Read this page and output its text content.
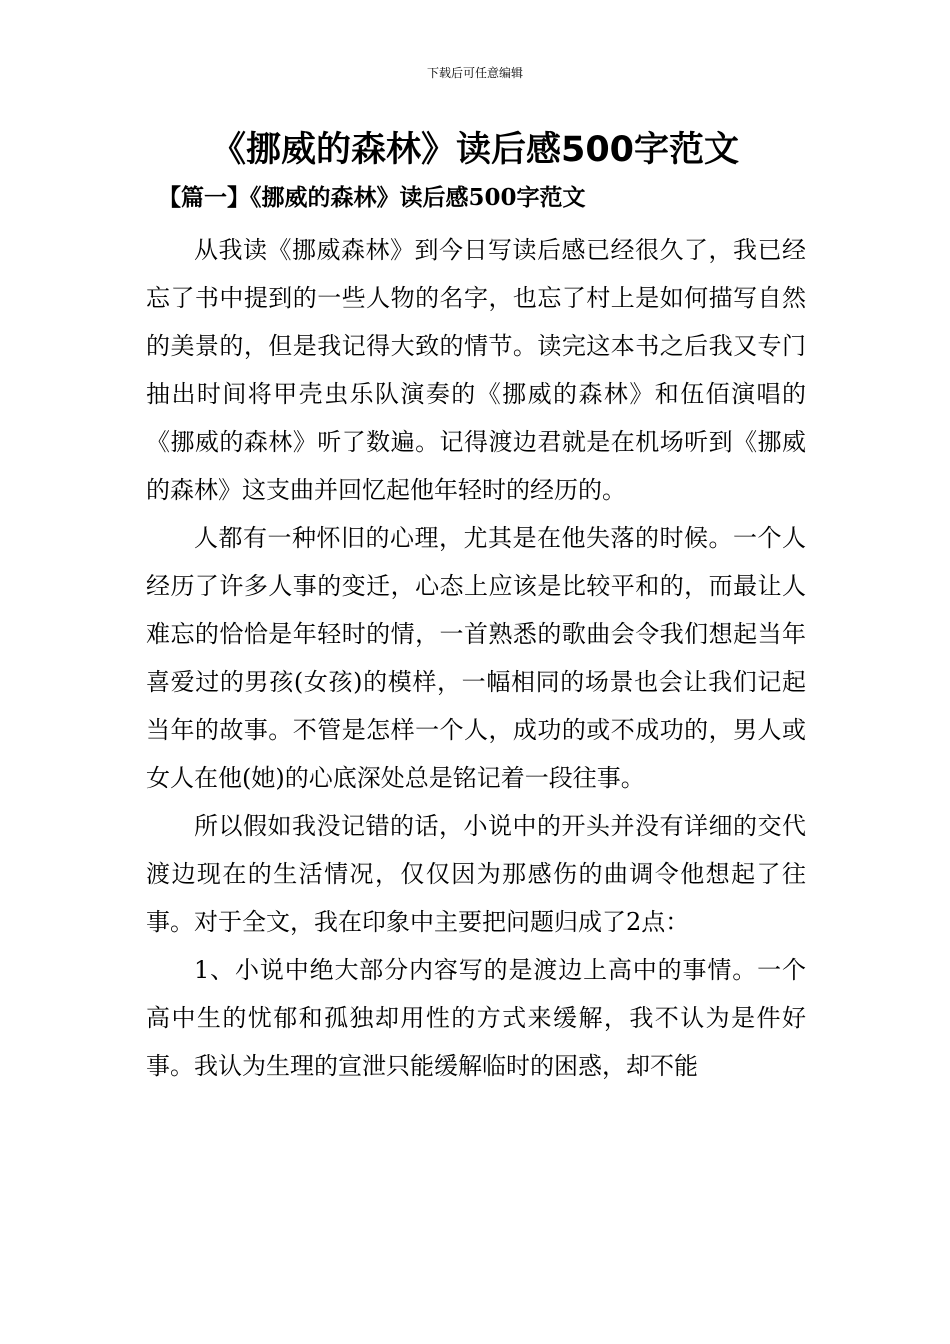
下载后可任意编辑
《挪威的森林》读后感500字范文
【篇一】《挪威的森林》读后感500字范文

从我读《挪威森林》到今日写读后感已经很久了，我已经忘了书中提到的一些人物的名字，也忘了村上是如何描写自然的美景的，但是我记得大致的情节。读完这本书之后我又专门抽出时间将甲壳虫乐队演奏的《挪威的森林》和伍佰演唱的《挪威的森林》听了数遍。记得渡边君就是在机场听到《挪威的森林》这支曲并回忆起他年轻时的经历的。

人都有一种怀旧的心理，尤其是在他失落的时候。一个人经历了许多人事的变迁，心态上应该是比较平和的，而最让人难忘的恰恰是年轻时的情，一首熟悉的歌曲会令我们想起当年喜爱过的男孩(女孩)的模样，一幅相同的场景也会让我们记起当年的故事。不管是怎样一个人，成功的或不成功的，男人或女人在他(她)的心底深处总是铭记着一段往事。

所以假如我没记错的话，小说中的开头并没有详细的交代渡边现在的生活情况，仅仅因为那感伤的曲调令他想起了往事。对于全文，我在印象中主要把问题归成了2点：

1、小说中绝大部分内容写的是渡边上高中的事情。一个高中生的忧郁和孤独却用性的方式来缓解，我不认为是件好事。我认为生理的宣泄只能缓解临时的困惑，却不能
